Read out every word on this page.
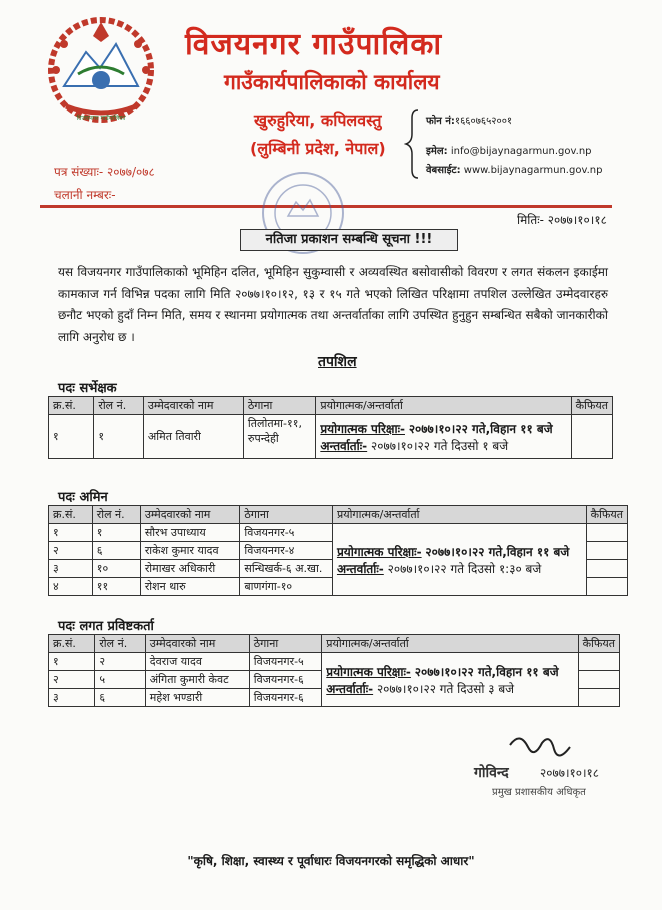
विजयनगर गाउँपालिका
विजयनगर गाउँपालिका
गाउँकार्यपालिकाको कार्यालय
खुरुहुरिया, कपिलवस्तु
(लुम्बिनी प्रदेश, नेपाल)
फोन नं:१६६०७६५२००१
इमेल: info@bijaynagarmun.gov.np
वेबसाईट: www.bijaynagarmun.gov.np
पत्र संख्याः- २०७७/०७८
चलानी नम्बरः-
मितिः- २०७७।१०।१८
नतिजा प्रकाशन सम्बन्धि सूचना !!!
यस विजयनगर गाउँपालिकाको भूमिहिन दलित, भूमिहिन सुकुम्वासी र अव्यवस्थित बसोवासीको विवरण र लगत संकलन इकाईमा कामकाज गर्न विभिन्न पदका लागि मिति २०७७।१०।१२, १३ र १५ गते भएको लिखित परिक्षामा तपशिल उल्लेखित उम्मेदवारहरु छनौट भएको हुदाँ निम्न मिति, समय र स्थानमा प्रयोगात्मक तथा अन्तर्वार्ताका लागि उपस्थित हुनुहुन सम्बन्धित सबैको जानकारीको लागि अनुरोध छ ।
तपशिल
पदः सर्भेक्षक
क्र.सं.	रोल नं.	उम्मेदवारको नाम	ठेगाना	प्रयोगात्मक/अन्तर्वार्ता	कैफियत
१	१	अमित तिवारी	तिलोतमा-११, रुपन्देही	प्रयोगात्मक परिक्षाः- २०७७।१०।२२ गते,विहान ११ बजे
अन्तर्वार्ताः- २०७७।१०।२२ गते दिउसो १ बजे	

पदः अमिन
क्र.सं.	रोल नं.	उम्मेदवारको नाम	ठेगाना	प्रयोगात्मक/अन्तर्वार्ता	कैफियत
१	१	सौरभ उपाध्याय	विजयनगर-५	प्रयोगात्मक परिक्षाः- २०७७।१०।२२ गते,विहान ११ बजे
अन्तर्वार्ताः- २०७७।१०।२२ गते दिउसो १:३० बजे	

२	६	राकेश कुमार यादव	विजयनगर-४		
३	१०	रोमाखर अधिकारी	सन्धिखर्क-६ अ.खा.		
४	११	रोशन थारु	बाणगंगा-१०		
पदः लगत प्रविष्टकर्ता
क्र.सं.	रोल नं.	उम्मेदवारको नाम	ठेगाना	प्रयोगात्मक/अन्तर्वार्ता	कैफियत
१	२	देवराज यादव	विजयनगर-५	प्रयोगात्मक परिक्षाः- २०७७।१०।२२ गते,विहान ११ बजे
अन्तर्वार्ताः- २०७७।१०।२२ गते दिउसो ३ बजे	

२	५	अंगिता कुमारी केवट	विजयनगर-६		
३	६	महेश भण्डारी	विजयनगर-६		
गोविन्द	२०७७।१०।१८
प्रमुख प्रशासकीय अधिकृत
"कृषि, शिक्षा, स्वास्थ्य र पूर्वाधारः विजयनगरको समृद्धिको आधार"
